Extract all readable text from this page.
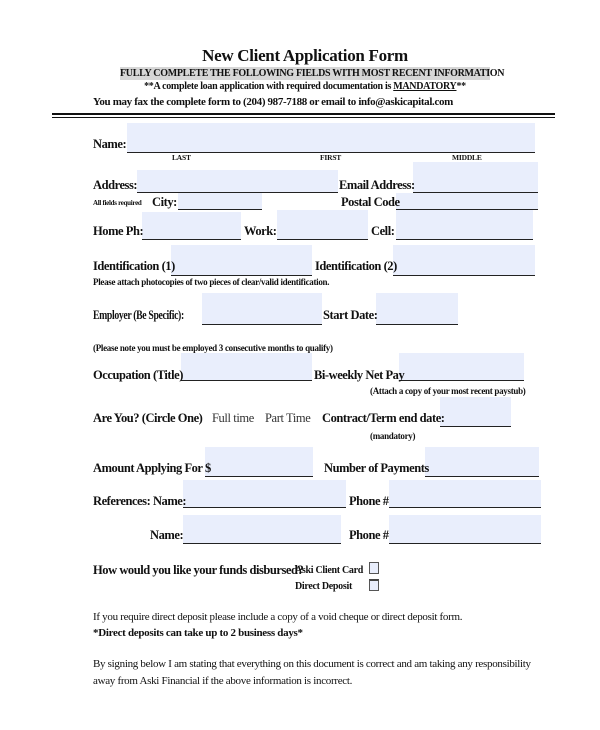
New Client Application Form
FULLY COMPLETE THE FOLLOWING FIELDS WITH MOST RECENT INFORMATION
**A complete loan application with required documentation is MANDATORY**
You may fax the complete form to (204) 987-7188 or email to info@askicapital.com
Name:
LAST	FIRST	MIDDLE
Address:	Email Address:
All fields required City:	Postal Code
Home Ph:	Work:	Cell:
Identification (1)	Identification (2)
Please attach photocopies of two pieces of clear/valid identification.
Employer (Be Specific):	Start Date:
(Please note you must be employed 3 consecutive months to qualify)
Occupation (Title)	Bi-weekly Net Pay
(Attach a copy of your most recent paystub)
Are You? (Circle One) Full time Part Time Contract/Term end date:
(mandatory)
Amount Applying For $	Number of Payments
References: Name:	Phone #
Name:	Phone #
How would you like your funds disbursed?
Aski Client Card
Direct Deposit
If you require direct deposit please include a copy of a void cheque or direct deposit form.
*Direct deposits can take up to 2 business days*
By signing below I am stating that everything on this document is correct and am taking any responsibility
away from Aski Financial if the above information is incorrect.
